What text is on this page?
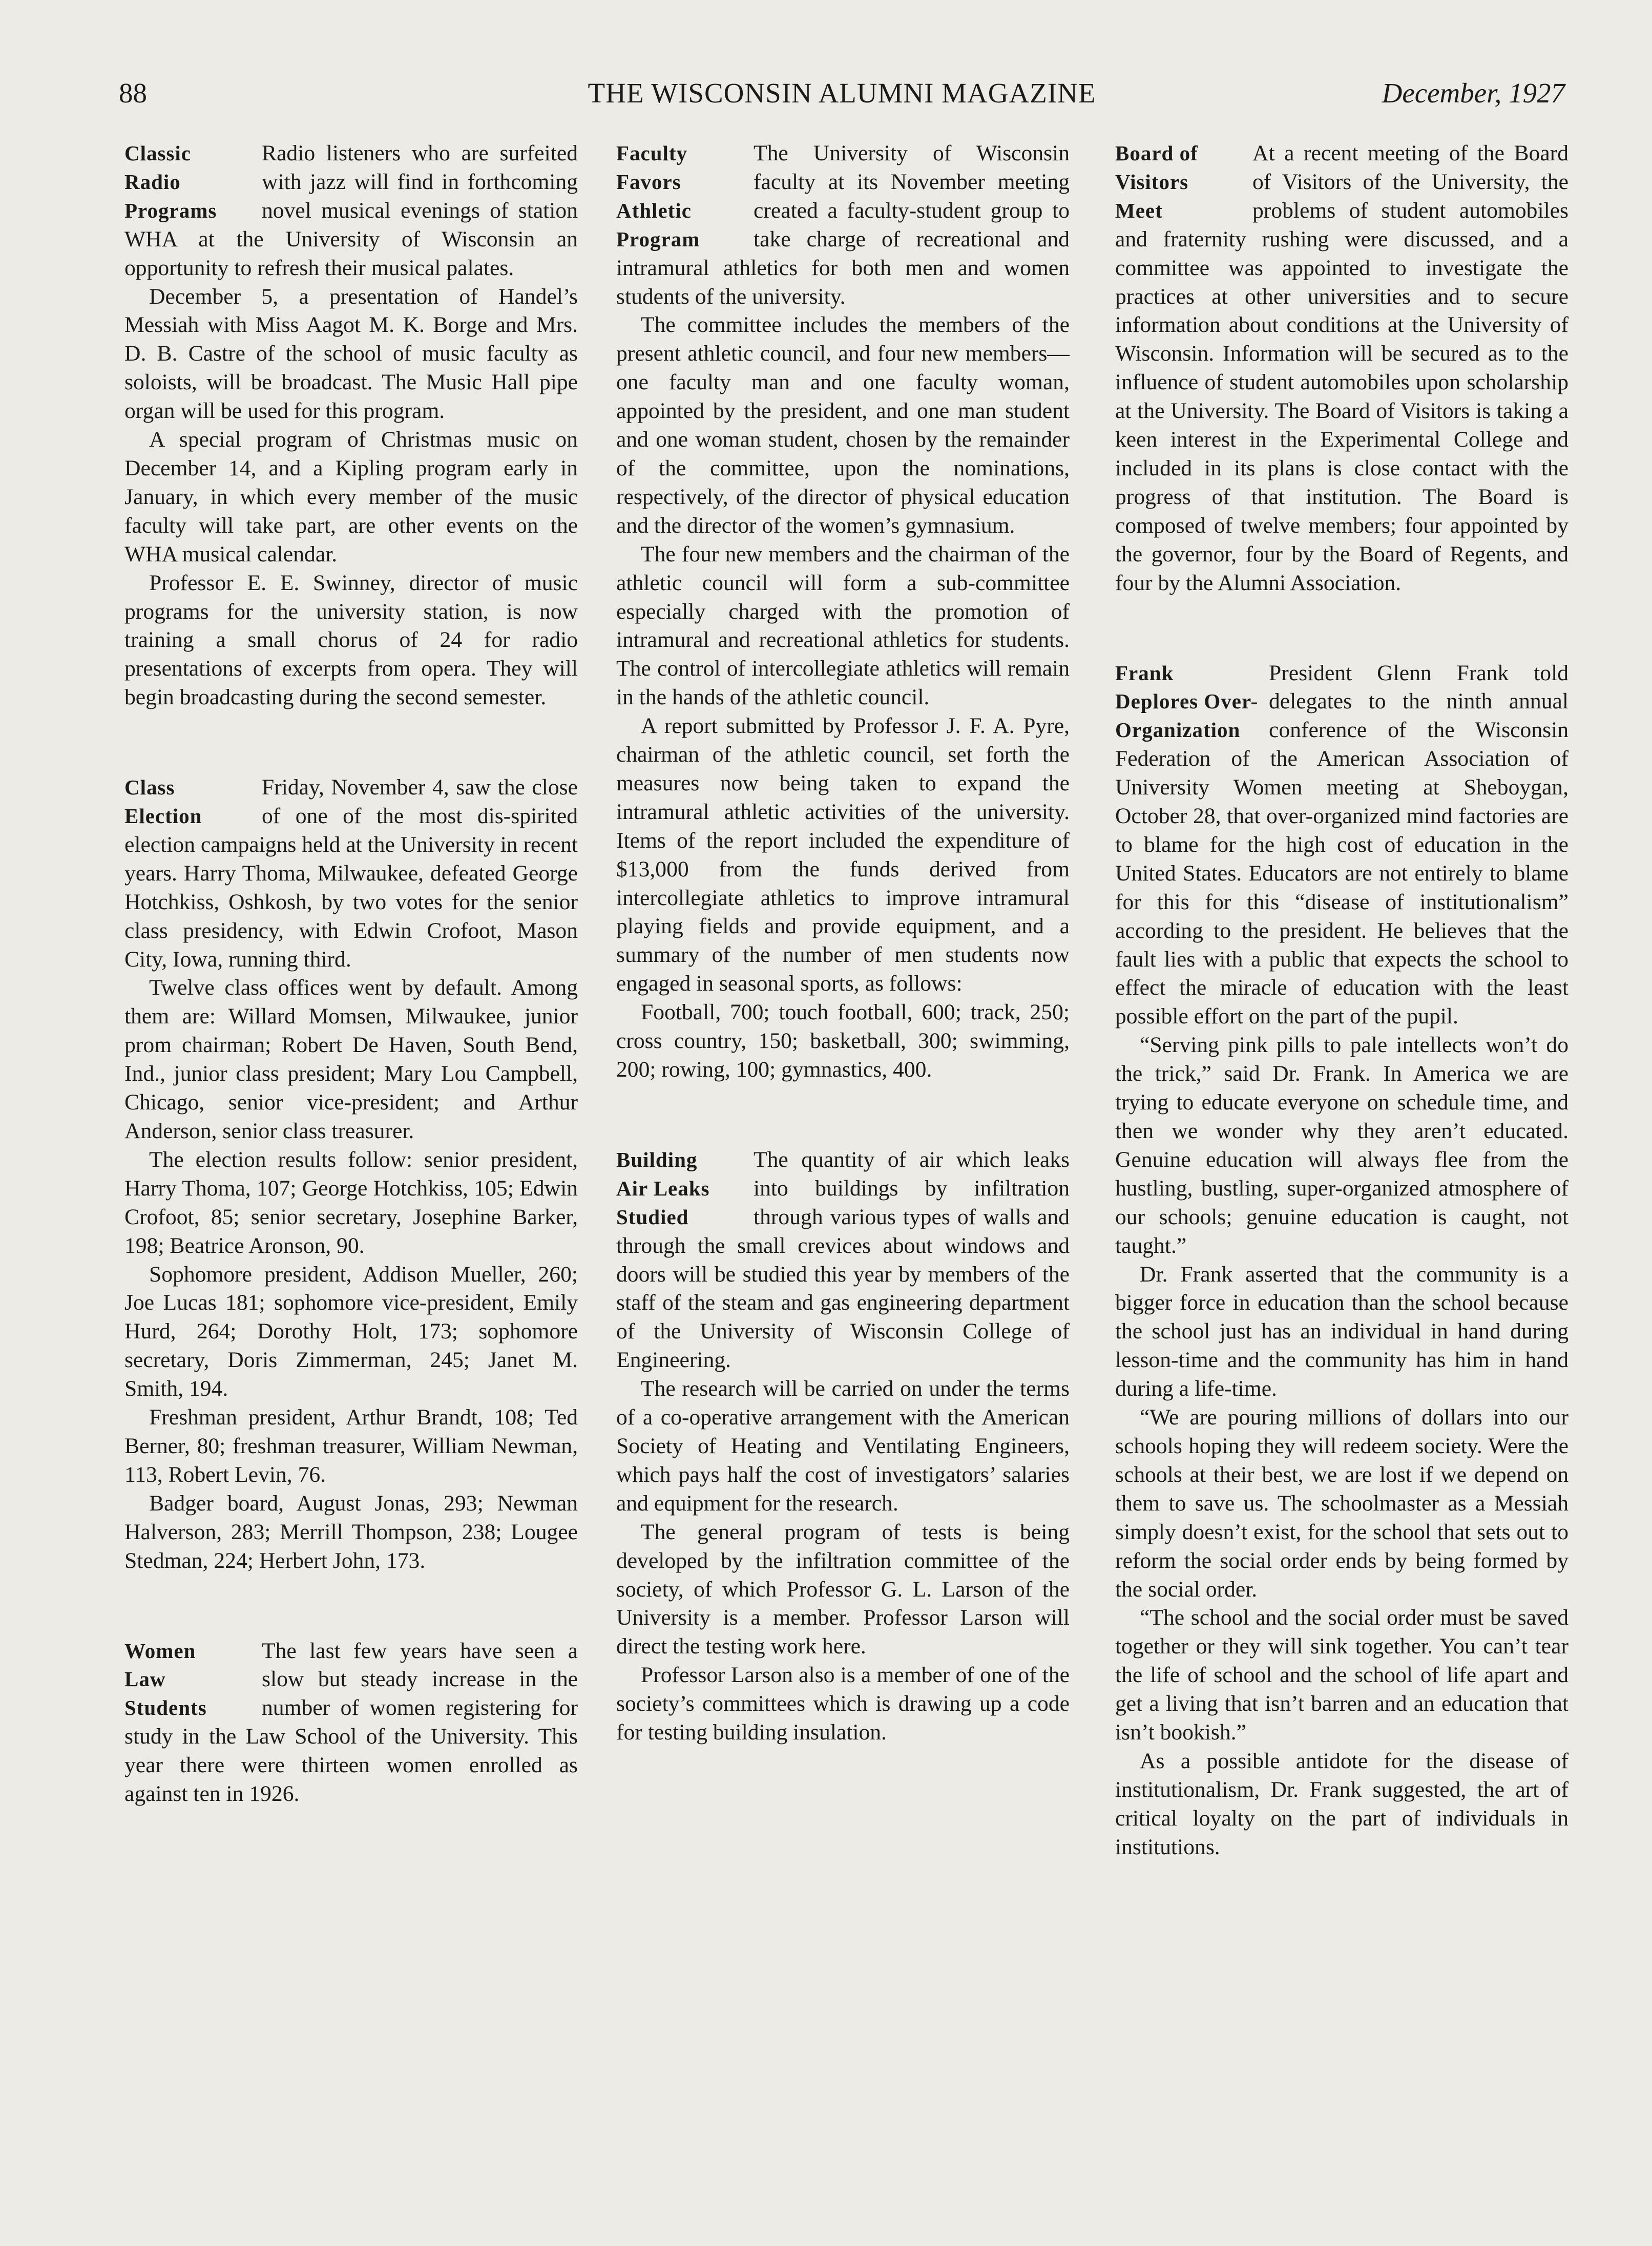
88	THE WISCONSIN ALUMNI MAGAZINE	December, 1927
Classic
Radio
Programs

Radio listeners who are surfeited with jazz will find in forthcoming novel musical evenings of station WHA at the University of Wisconsin an opportunity to refresh their musical palates.

December 5, a presentation of Handel’s Messiah with Miss Aagot M. K. Borge and Mrs. D. B. Castre of the school of music faculty as soloists, will be broadcast. The Music Hall pipe organ will be used for this program.

A special program of Christmas music on December 14, and a Kipling program early in January, in which every member of the music faculty will take part, are other events on the WHA musical calendar.

Professor E. E. Swinney, director of music programs for the university station, is now training a small chorus of 24 for radio presentations of excerpts from opera. They will begin broadcasting during the second semester.

Class
Election

Friday, November 4, saw the close of one of the most dis-spirited election campaigns held at the University in recent years. Harry Thoma, Milwaukee, defeated George Hotchkiss, Oshkosh, by two votes for the senior class presidency, with Edwin Crofoot, Mason City, Iowa, running third.

Twelve class offices went by default. Among them are: Willard Momsen, Milwaukee, junior prom chairman; Robert De Haven, South Bend, Ind., junior class president; Mary Lou Campbell, Chicago, senior vice-president; and Arthur Anderson, senior class treasurer.

The election results follow: senior president, Harry Thoma, 107; George Hotchkiss, 105; Edwin Crofoot, 85; senior secretary, Josephine Barker, 198; Beatrice Aronson, 90.

Sophomore president, Addison Mueller, 260; Joe Lucas 181; sophomore vice-president, Emily Hurd, 264; Dorothy Holt, 173; sophomore secretary, Doris Zimmerman, 245; Janet M. Smith, 194.

Freshman president, Arthur Brandt, 108; Ted Berner, 80; freshman treasurer, William Newman, 113, Robert Levin, 76.

Badger board, August Jonas, 293; Newman Halverson, 283; Merrill Thompson, 238; Lougee Stedman, 224; Herbert John, 173.

Women
Law
Students

The last few years have seen a slow but steady increase in the number of women registering for study in the Law School of the University. This year there were thirteen women enrolled as against ten in 1926.

Faculty
Favors
Athletic
Program

The University of Wisconsin faculty at its November meeting created a faculty-student group to take charge of recreational and intramural athletics for both men and women students of the university.

The committee includes the members of the present athletic council, and four new members—one faculty man and one faculty woman, appointed by the president, and one man student and one woman student, chosen by the remainder of the committee, upon the nominations, respectively, of the director of physical education and the director of the women’s gymnasium.

The four new members and the chairman of the athletic council will form a sub-committee especially charged with the promotion of intramural and recreational athletics for students. The control of intercollegiate athletics will remain in the hands of the athletic council.

A report submitted by Professor J. F. A. Pyre, chairman of the athletic council, set forth the measures now being taken to expand the intramural athletic activities of the university. Items of the report included the expenditure of $13,000 from the funds derived from intercollegiate athletics to improve intramural playing fields and provide equipment, and a summary of the number of men students now engaged in seasonal sports, as follows:

Football, 700; touch football, 600; track, 250; cross country, 150; basketball, 300; swimming, 200; rowing, 100; gymnastics, 400.

Building
Air Leaks
Studied

The quantity of air which leaks into buildings by infiltration through various types of walls and through the small crevices about windows and doors will be studied this year by members of the staff of the steam and gas engineering department of the University of Wisconsin College of Engineering.

The research will be carried on under the terms of a co-operative arrangement with the American Society of Heating and Ventilating Engineers, which pays half the cost of investigators’ salaries and equipment for the research.

The general program of tests is being developed by the infiltration committee of the society, of which Professor G. L. Larson of the University is a member. Professor Larson will direct the testing work here.

Professor Larson also is a member of one of the society’s committees which is drawing up a code for testing building insulation.

Board of
Visitors
Meet

At a recent meeting of the Board of Visitors of the University, the problems of student automobiles and fraternity rushing were discussed, and a committee was appointed to investigate the practices at other universities and to secure information about conditions at the University of Wisconsin. Information will be secured as to the influence of student automobiles upon scholarship at the University. The Board of Visitors is taking a keen interest in the Experimental College and included in its plans is close contact with the progress of that institution. The Board is composed of twelve members; four appointed by the governor, four by the Board of Regents, and four by the Alumni Association.

Frank
Deplores Over-
Organization

President Glenn Frank told delegates to the ninth annual conference of the Wisconsin Federation of the American Association of University Women meeting at Sheboygan, October 28, that over-organized mind factories are to blame for the high cost of education in the United States. Educators are not entirely to blame for this for this “disease of institutionalism” according to the president. He believes that the fault lies with a public that expects the school to effect the miracle of education with the least possible effort on the part of the pupil.

“Serving pink pills to pale intellects won’t do the trick,” said Dr. Frank. In America we are trying to educate everyone on schedule time, and then we wonder why they aren’t educated. Genuine education will always flee from the hustling, bustling, super-organized atmosphere of our schools; genuine education is caught, not taught.”

Dr. Frank asserted that the community is a bigger force in education than the school because the school just has an individual in hand during lesson-time and the community has him in hand during a life-time.

“We are pouring millions of dollars into our schools hoping they will redeem society. Were the schools at their best, we are lost if we depend on them to save us. The schoolmaster as a Messiah simply doesn’t exist, for the school that sets out to reform the social order ends by being formed by the social order.

“The school and the social order must be saved together or they will sink together. You can’t tear the life of school and the school of life apart and get a living that isn’t barren and an education that isn’t bookish.”

As a possible antidote for the disease of institutionalism, Dr. Frank suggested, the art of critical loyalty on the part of individuals in institutions.
